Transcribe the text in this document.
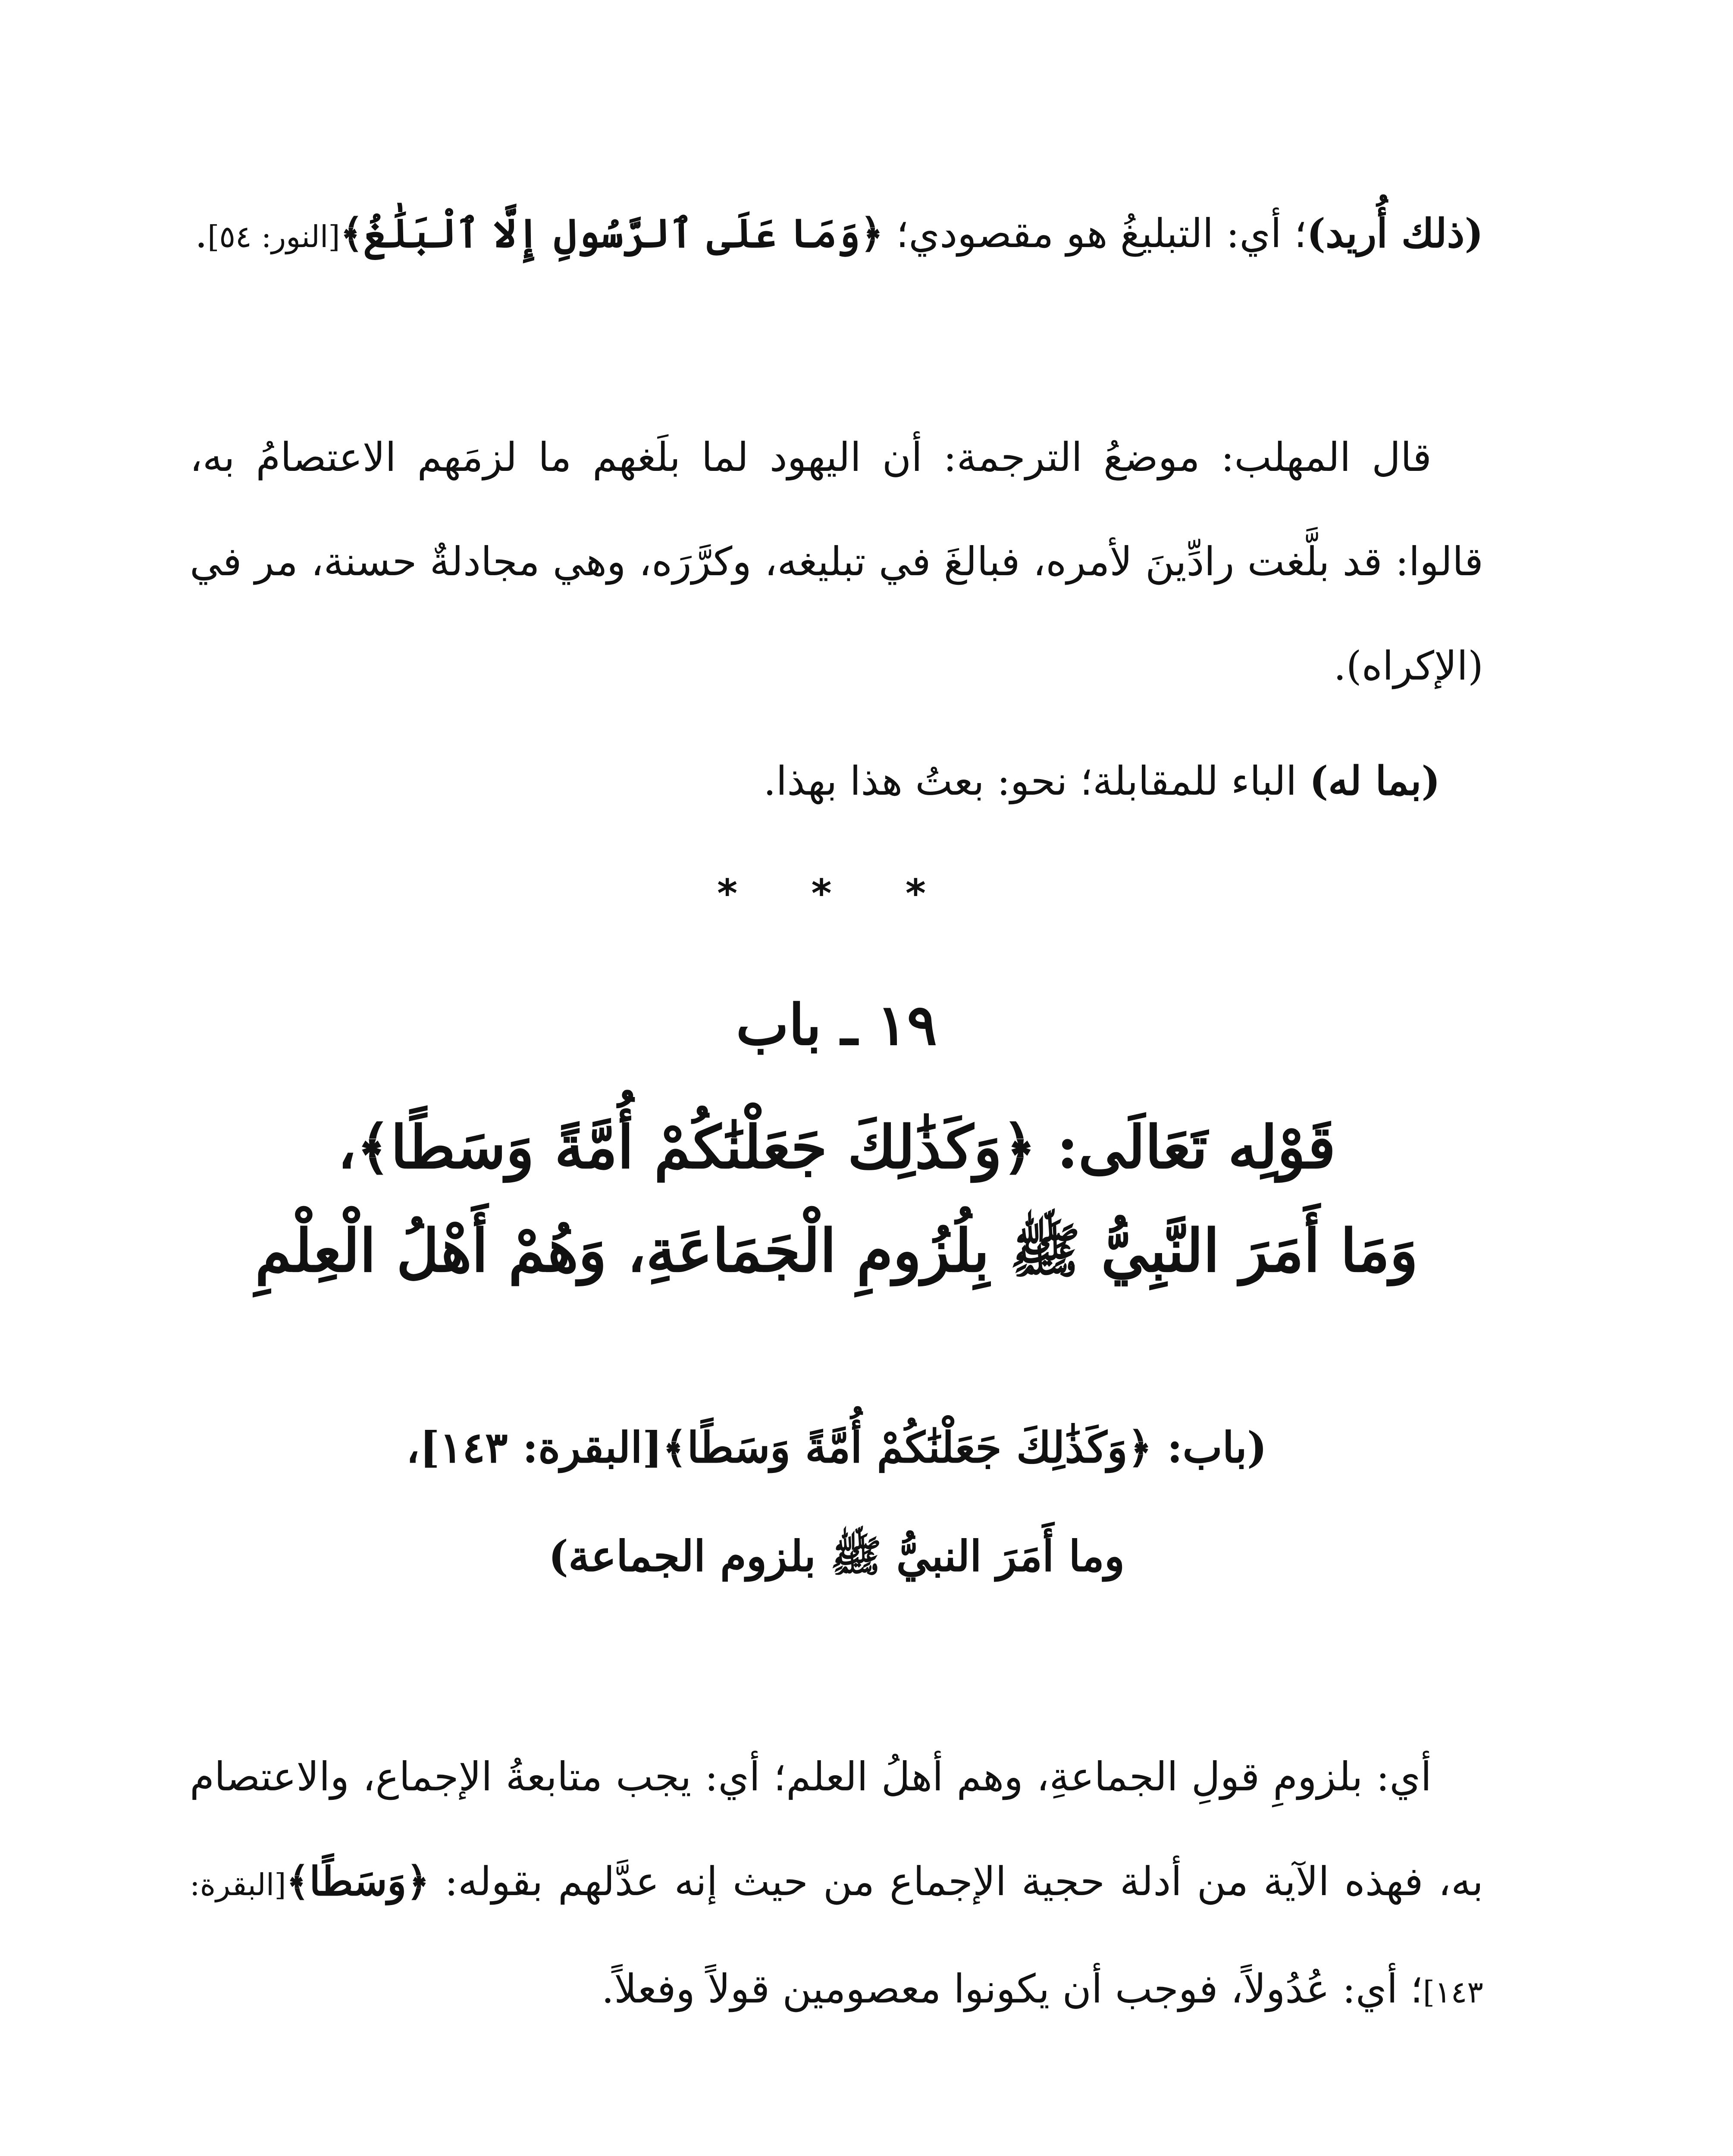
(ذلك أُريد)؛ أي: التبليغُ هو مقصودي؛ ﴿وَمَا عَلَى ٱلرَّسُولِ إِلَّا ٱلْبَلَٰغُ﴾[النور: ٥٤].

قال المهلب: موضعُ الترجمة: أن اليهود لما بلَغهم ما لزمَهم الاعتصامُ به، قالوا: قد بلَّغت رادِّينَ لأمره، فبالغَ في تبليغه، وكرَّرَه، وهي مجادلةٌ حسنة، مر في (الإكراه).

(بما له) الباء للمقابلة؛ نحو: بعتُ هذا بهذا.

* * *
١٩ ـ باب
قَوْلِه تَعَالَى: ﴿وَكَذَٰلِكَ جَعَلْنَٰكُمْ أُمَّةً وَسَطًا﴾،
وَمَا أَمَرَ النَّبِيُّ ﷺ بِلُزُومِ الْجَمَاعَةِ، وَهُمْ أَهْلُ الْعِلْمِ
(باب: ﴿وَكَذَٰلِكَ جَعَلْنَٰكُمْ أُمَّةً وَسَطًا﴾[البقرة: ١٤٣]،
وما أَمَرَ النبيُّ ﷺ بلزوم الجماعة)

أي: بلزومِ قولِ الجماعةِ، وهم أهلُ العلم؛ أي: يجب متابعةُ الإجماع، والاعتصام به، فهذه الآية من أدلة حجية الإجماع من حيث إنه عدَّلهم بقوله: ﴿وَسَطًا﴾[البقرة: ١٤٣]؛ أي: عُدُولاً، فوجب أن يكونوا معصومين قولاً وفعلاً.
